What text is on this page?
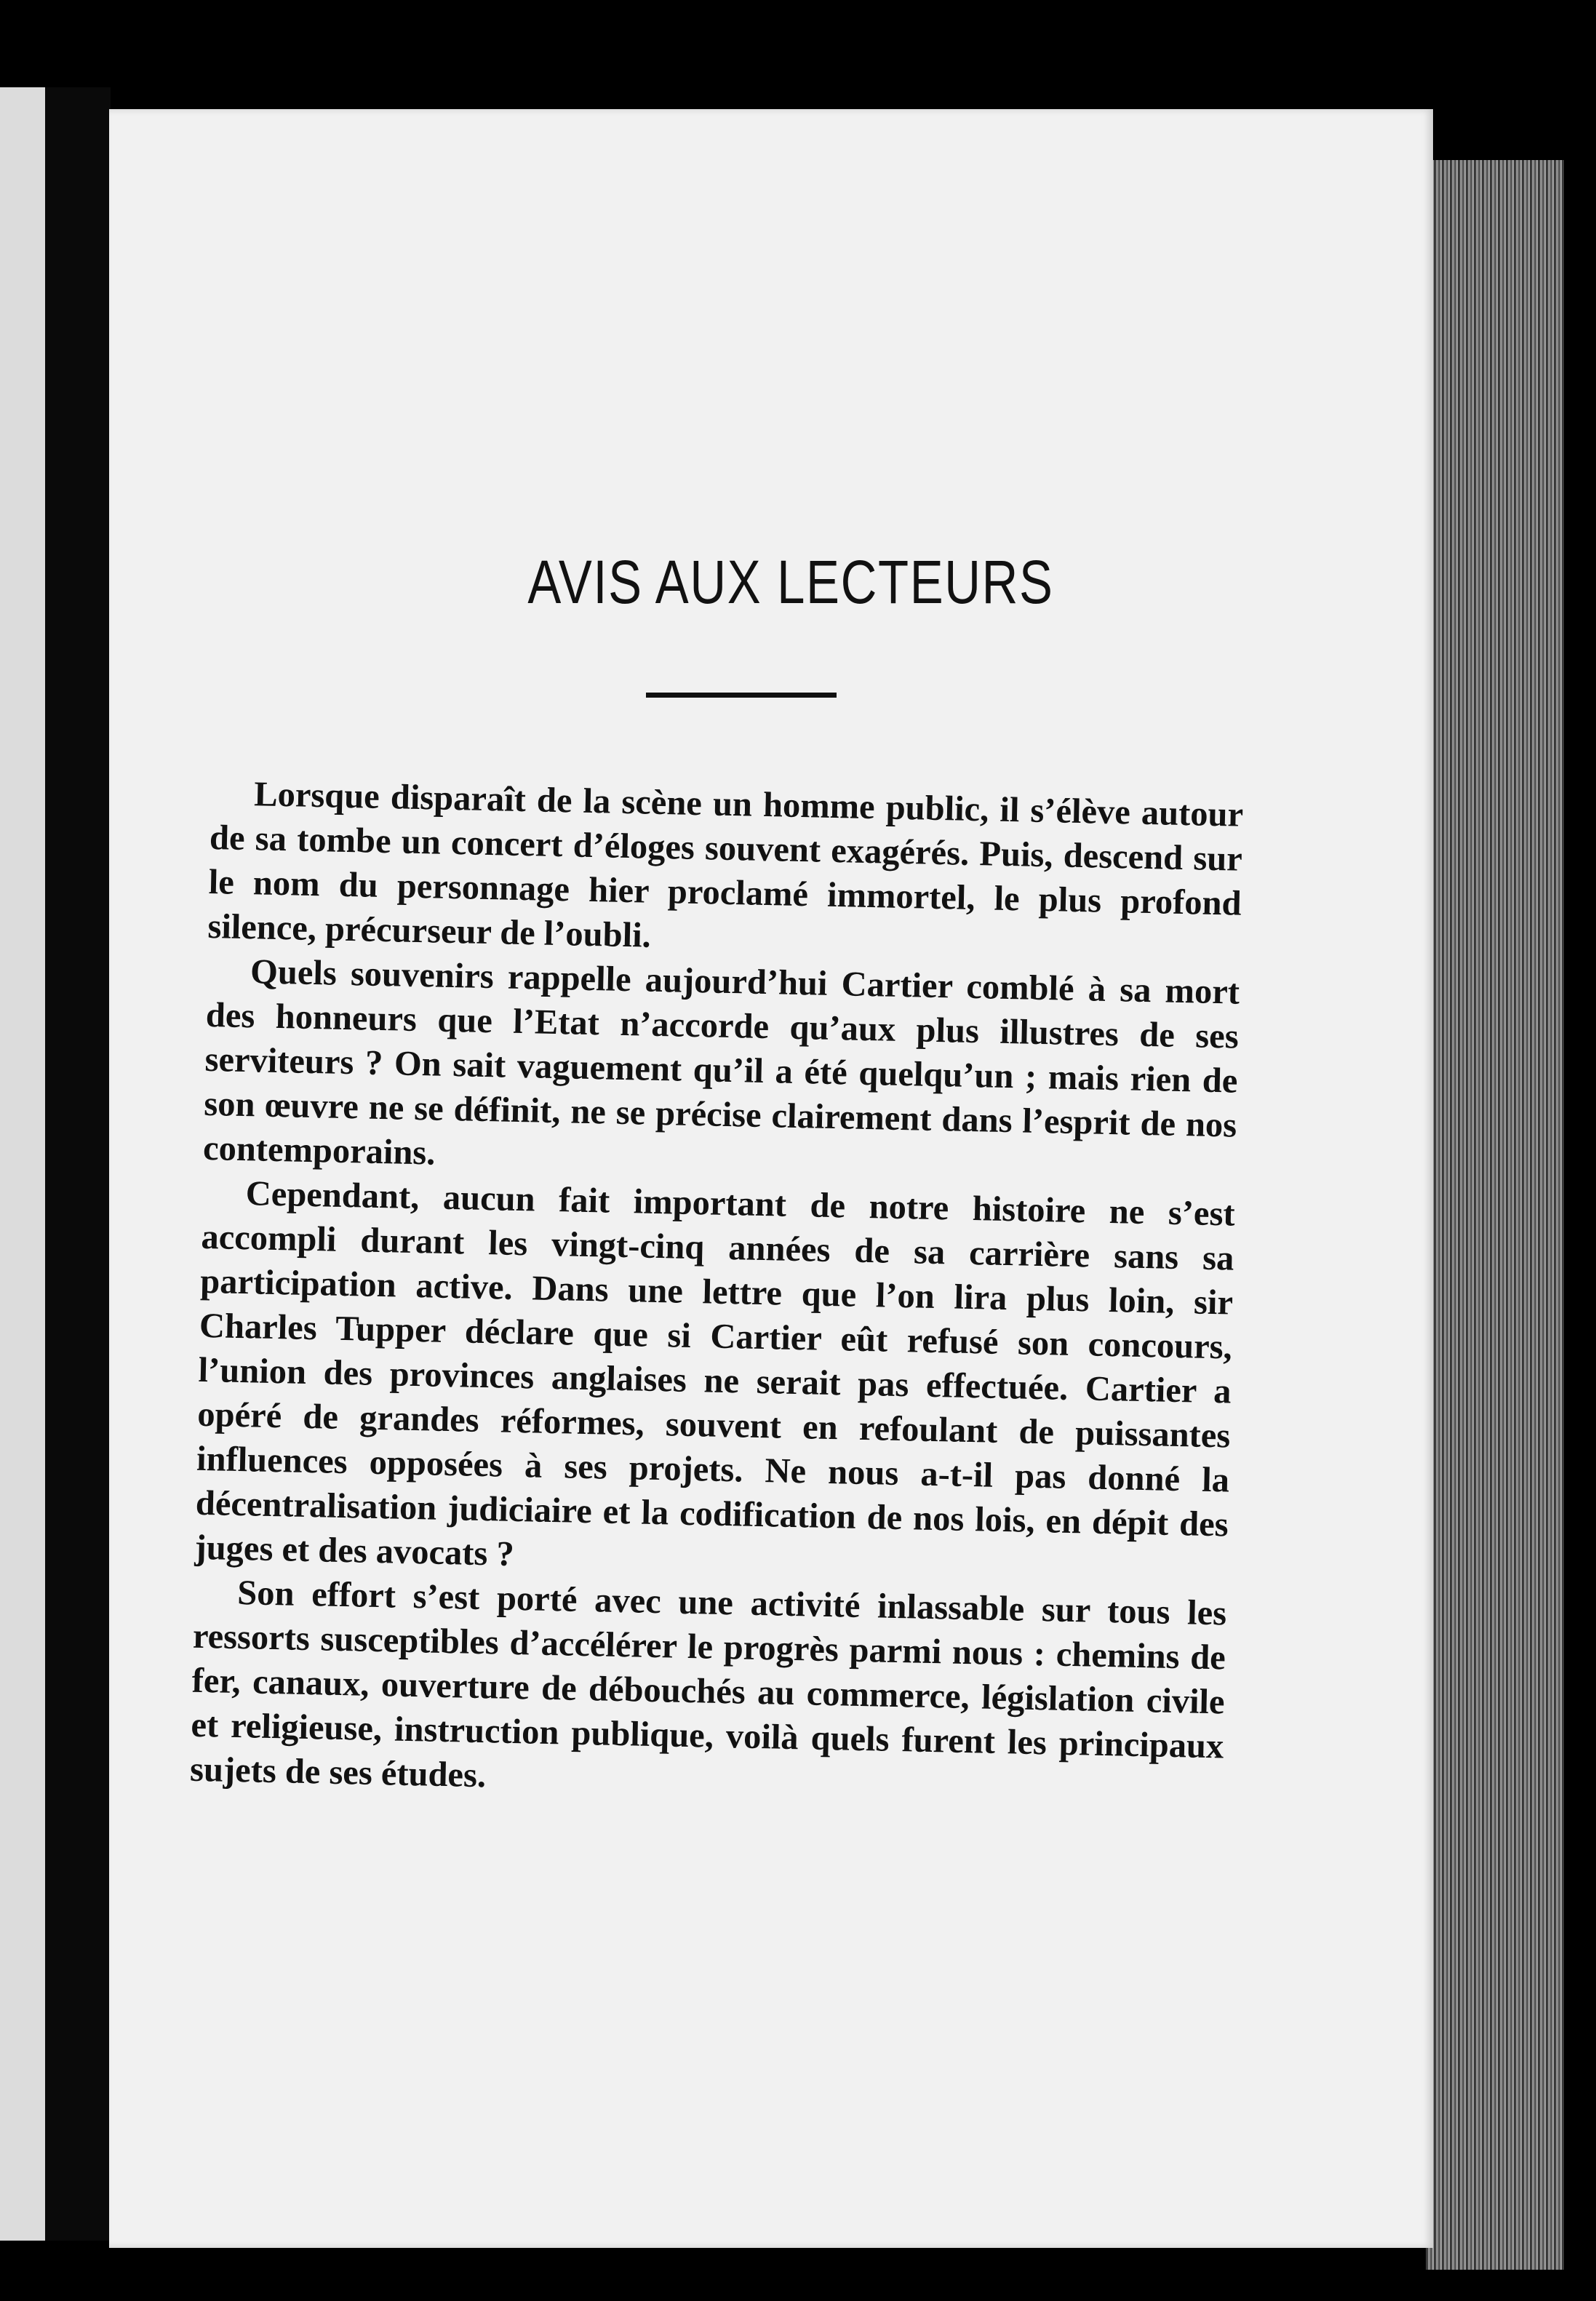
AVIS AUX LECTEURS

Lorsque disparaît de la scène un homme public, il s’élève autour de sa tombe un concert d’éloges souvent exagérés. Puis, descend sur le nom du personnage hier proclamé immortel, le plus profond silence, précurseur de l’oubli.

Quels souvenirs rappelle aujourd’hui Cartier comblé à sa mort des honneurs que l’Etat n’accorde qu’aux plus illustres de ses serviteurs ? On sait vaguement qu’il a été quelqu’un ; mais rien de son œuvre ne se définit, ne se précise clairement dans l’esprit de nos contemporains.

Cependant, aucun fait important de notre histoire ne s’est accompli durant les vingt-cinq années de sa carrière sans sa participation active. Dans une lettre que l’on lira plus loin, sir Charles Tupper déclare que si Cartier eût refusé son concours, l’union des provinces anglaises ne serait pas effectuée. Cartier a opéré de grandes réformes, souvent en refoulant de puissantes influences opposées à ses projets. Ne nous a-t-il pas donné la décentralisation judiciaire et la codification de nos lois, en dépit des juges et des avocats ?

Son effort s’est porté avec une activité inlassable sur tous les ressorts susceptibles d’accélérer le progrès parmi nous : chemins de fer, canaux, ouverture de débouchés au commerce, législation civile et religieuse, instruction publique, voilà quels furent les principaux sujets de ses études.
